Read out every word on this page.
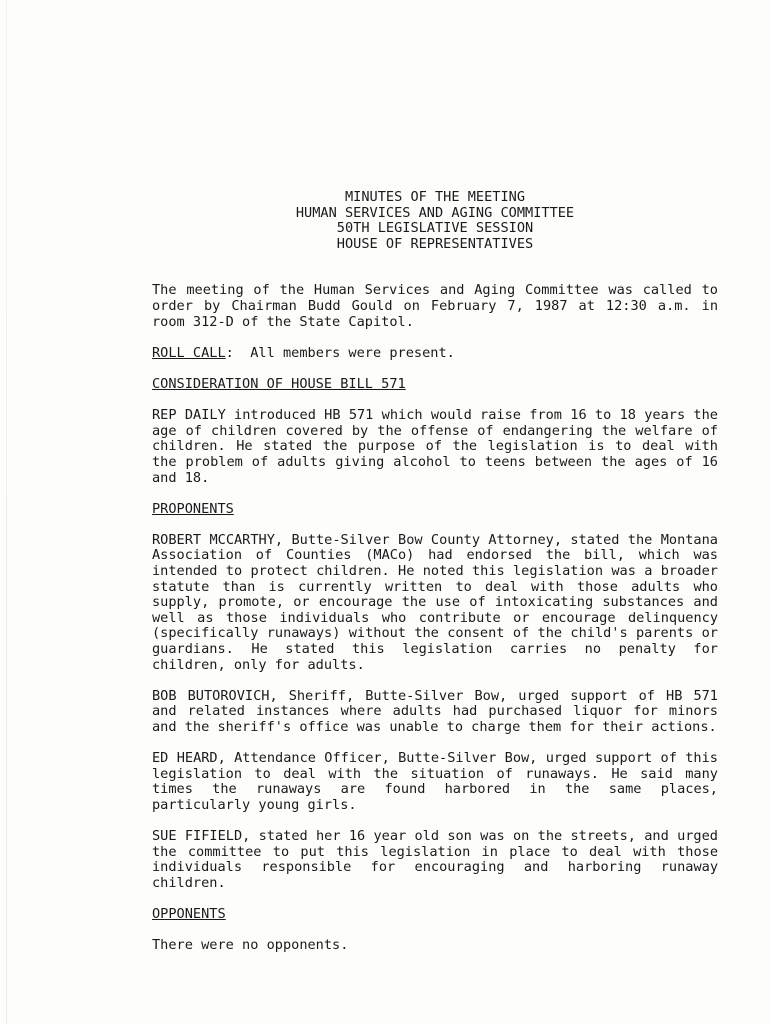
MINUTES OF THE MEETING
HUMAN SERVICES AND AGING COMMITTEE
50TH LEGISLATIVE SESSION
HOUSE OF REPRESENTATIVES

The meeting of the Human Services and Aging Committee was called to order by Chairman Budd Gould on February 7, 1987 at 12:30 a.m. in room 312-D of the State Capitol.

ROLL CALL:  All members were present.

CONSIDERATION OF HOUSE BILL 571

REP DAILY introduced HB 571 which would raise from 16 to 18 years the age of children covered by the offense of endangering the welfare of children. He stated the purpose of the legislation is to deal with the problem of adults giving alcohol to teens between the ages of 16 and 18.

PROPONENTS

ROBERT MCCARTHY, Butte-Silver Bow County Attorney, stated the Montana Association of Counties (MACo) had endorsed the bill, which was intended to protect children. He noted this legislation was a broader statute than is currently written to deal with those adults who supply, promote, or encourage the use of intoxicating substances and well as those individuals who contribute or encourage delinquency (specifically runaways) without the consent of the child's parents or guardians. He stated this legislation carries no penalty for children, only for adults.

BOB BUTOROVICH, Sheriff, Butte-Silver Bow, urged support of HB 571 and related instances where adults had purchased liquor for minors and the sheriff's office was unable to charge them for their actions.

ED HEARD, Attendance Officer, Butte-Silver Bow, urged support of this legislation to deal with the situation of runaways. He said many times the runaways are found harbored in the same places, particularly young girls.

SUE FIFIELD, stated her 16 year old son was on the streets, and urged the committee to put this legislation in place to deal with those individuals responsible for encouraging and harboring runaway children.

OPPONENTS

There were no opponents.
